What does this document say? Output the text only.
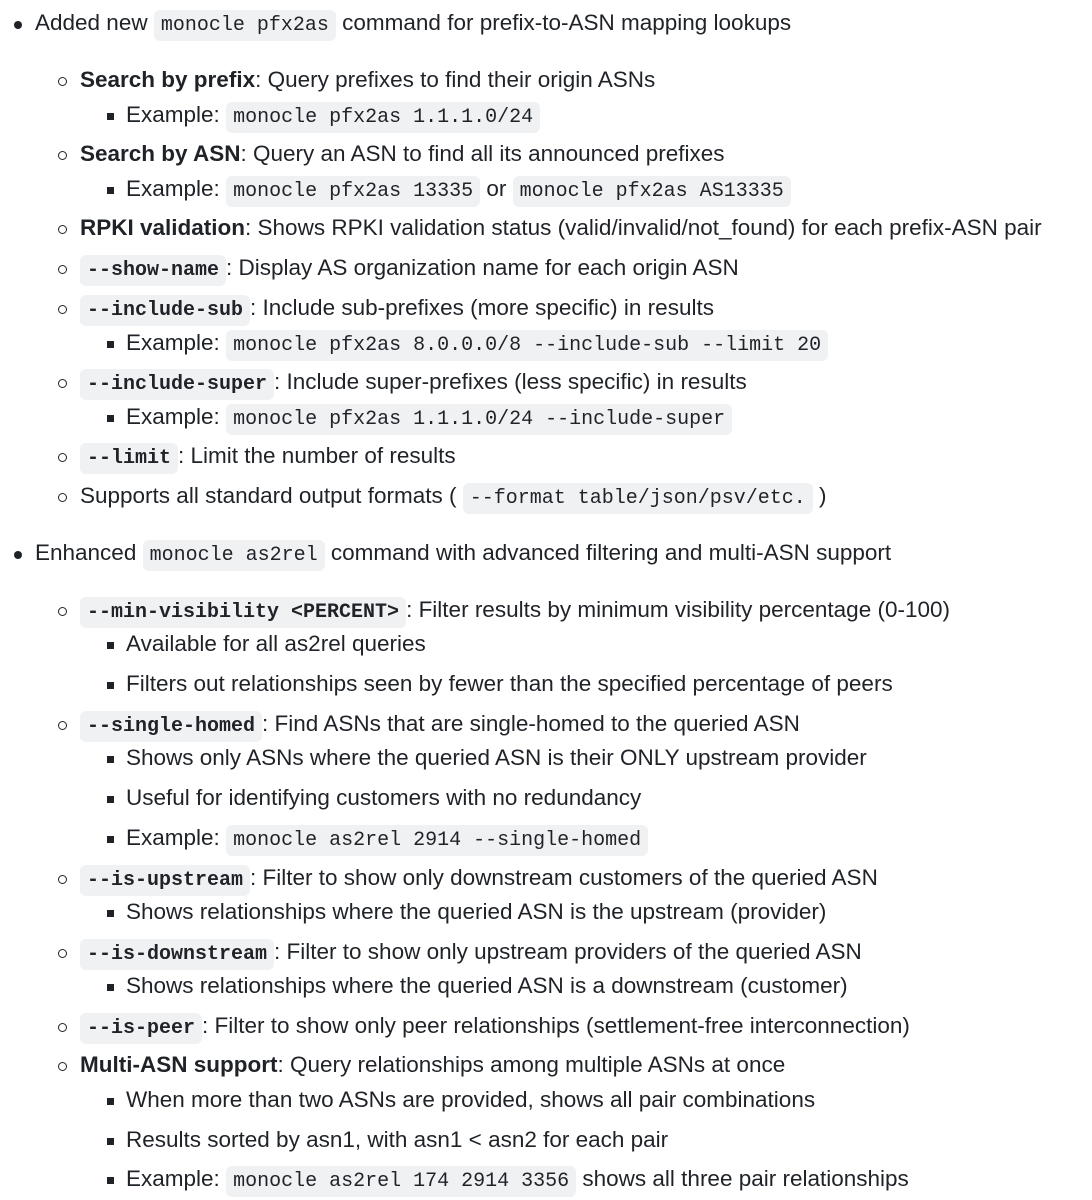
Added new monocle pfx2as command for prefix-to-ASN mapping lookups
Search by prefix: Query prefixes to find their origin ASNs
Example: monocle pfx2as 1.1.1.0/24
Search by ASN: Query an ASN to find all its announced prefixes
Example: monocle pfx2as 13335 or monocle pfx2as AS13335
RPKI validation: Shows RPKI validation status (valid/invalid/not_found) for each prefix-ASN pair
--show-name : Display AS organization name for each origin ASN
--include-sub : Include sub-prefixes (more specific) in results
Example: monocle pfx2as 8.0.0.0/8 --include-sub --limit 20
--include-super : Include super-prefixes (less specific) in results
Example: monocle pfx2as 1.1.1.0/24 --include-super
--limit : Limit the number of results
Supports all standard output formats ( --format table/json/psv/etc. )
Enhanced monocle as2rel command with advanced filtering and multi-ASN support
--min-visibility <PERCENT> : Filter results by minimum visibility percentage (0-100)
Available for all as2rel queries
Filters out relationships seen by fewer than the specified percentage of peers
--single-homed : Find ASNs that are single-homed to the queried ASN
Shows only ASNs where the queried ASN is their ONLY upstream provider
Useful for identifying customers with no redundancy
Example: monocle as2rel 2914 --single-homed
--is-upstream : Filter to show only downstream customers of the queried ASN
Shows relationships where the queried ASN is the upstream (provider)
--is-downstream : Filter to show only upstream providers of the queried ASN
Shows relationships where the queried ASN is a downstream (customer)
--is-peer : Filter to show only peer relationships (settlement-free interconnection)
Multi-ASN support: Query relationships among multiple ASNs at once
When more than two ASNs are provided, shows all pair combinations
Results sorted by asn1, with asn1 < asn2 for each pair
Example: monocle as2rel 174 2914 3356 shows all three pair relationships
